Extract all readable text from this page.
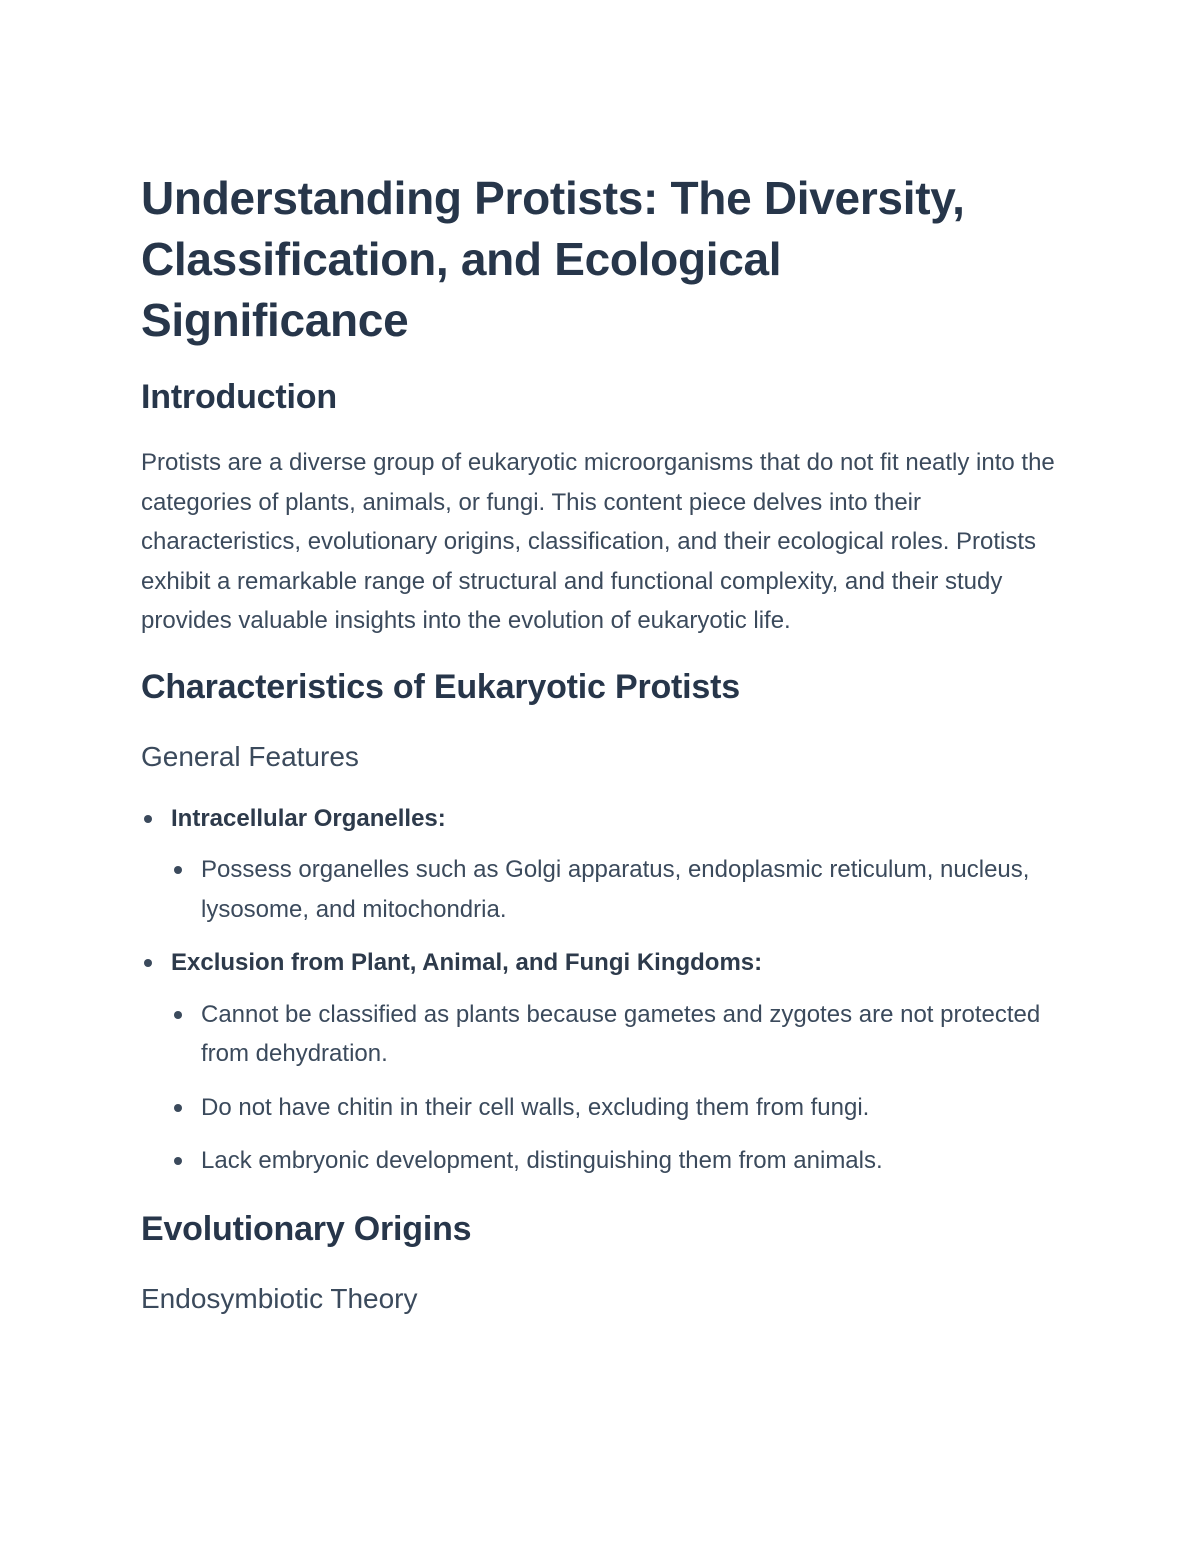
Understanding Protists: The Diversity, Classification, and Ecological Significance
Introduction

Protists are a diverse group of eukaryotic microorganisms that do not fit neatly into the categories of plants, animals, or fungi. This content piece delves into their characteristics, evolutionary origins, classification, and their ecological roles. Protists exhibit a remarkable range of structural and functional complexity, and their study provides valuable insights into the evolution of eukaryotic life.

Characteristics of Eukaryotic Protists
General Features
Intracellular Organelles:
Possess organelles such as Golgi apparatus, endoplasmic reticulum, nucleus, lysosome, and mitochondria.
Exclusion from Plant, Animal, and Fungi Kingdoms:
Cannot be classified as plants because gametes and zygotes are not protected from dehydration.
Do not have chitin in their cell walls, excluding them from fungi.
Lack embryonic development, distinguishing them from animals.
Evolutionary Origins
Endosymbiotic Theory
